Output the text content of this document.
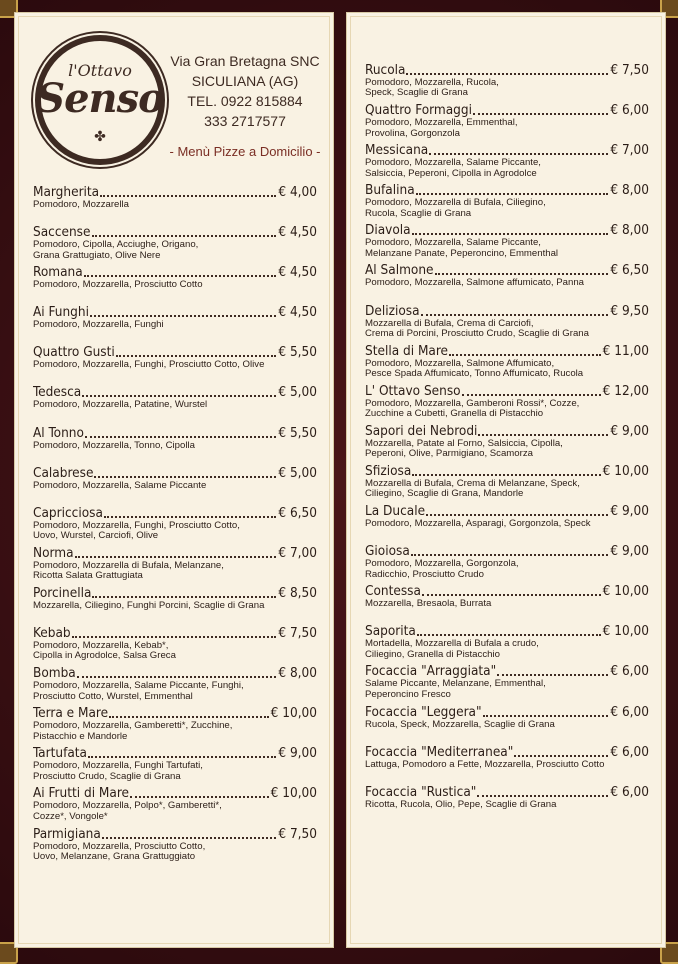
l'Ottavo
Senso
✤
Via Gran Bretagna SNC
SICULIANA (AG)
TEL. 0922 815884
333 2717577
- Menù Pizze a Domicilio -
Margherita	€ 4,00
Pomodoro, Mozzarella
Saccense	€ 4,50
Pomodoro, Cipolla, Acciughe, Origano,
Grana Grattugiato, Olive Nere
Romana	€ 4,50
Pomodoro, Mozzarella, Prosciutto Cotto
Ai Funghi	€ 4,50
Pomodoro, Mozzarella, Funghi
Quattro Gusti	€ 5,50
Pomodoro, Mozzarella, Funghi, Prosciutto Cotto, Olive
Tedesca	€ 5,00
Pomodoro, Mozzarella, Patatine, Wurstel
Al Tonno	€ 5,50
Pomodoro, Mozzarella, Tonno, Cipolla
Calabrese	€ 5,00
Pomodoro, Mozzarella, Salame Piccante
Capricciosa	€ 6,50
Pomodoro, Mozzarella, Funghi, Prosciutto Cotto,
Uovo, Wurstel, Carciofi, Olive
Norma	€ 7,00
Pomodoro, Mozzarella di Bufala, Melanzane,
Ricotta Salata Grattugiata
Porcinella	€ 8,50
Mozzarella, Ciliegino, Funghi Porcini, Scaglie di Grana
Kebab	€ 7,50
Pomodoro, Mozzarella, Kebab*,
Cipolla in Agrodolce, Salsa Greca
Bomba	€ 8,00
Pomodoro, Mozzarella, Salame Piccante, Funghi,
Prosciutto Cotto, Wurstel, Emmenthal
Terra e Mare	€ 10,00
Pomodoro, Mozzarella, Gamberetti*, Zucchine,
Pistacchio e Mandorle
Tartufata	€ 9,00
Pomodoro, Mozzarella, Funghi Tartufati,
Prosciutto Crudo, Scaglie di Grana
Ai Frutti di Mare	€ 10,00
Pomodoro, Mozzarella, Polpo*, Gamberetti*,
Cozze*, Vongole*
Parmigiana	€ 7,50
Pomodoro, Mozzarella, Prosciutto Cotto,
Uovo, Melanzane, Grana Grattuggiato
Rucola	€ 7,50
Pomodoro, Mozzarella, Rucola,
Speck, Scaglie di Grana
Quattro Formaggi	€ 6,00
Pomodoro, Mozzarella, Emmenthal,
Provolina, Gorgonzola
Messicana	€ 7,00
Pomodoro, Mozzarella, Salame Piccante,
Salsiccia, Peperoni, Cipolla in Agrodolce
Bufalina	€ 8,00
Pomodoro, Mozzarella di Bufala, Ciliegino,
Rucola, Scaglie di Grana
Diavola	€ 8,00
Pomodoro, Mozzarella, Salame Piccante,
Melanzane Panate, Peperoncino, Emmenthal
Al Salmone	€ 6,50
Pomodoro, Mozzarella, Salmone affumicato, Panna
Deliziosa	€ 9,50
Mozzarella di Bufala, Crema di Carciofi,
Crema di Porcini, Prosciutto Crudo, Scaglie di Grana
Stella di Mare	€ 11,00
Pomodoro, Mozzarella, Salmone Affumicato,
Pesce Spada Affumicato, Tonno Affumicato, Rucola
L' Ottavo Senso	€ 12,00
Pomodoro, Mozzarella, Gamberoni Rossi*, Cozze,
Zucchine a Cubetti, Granella di Pistacchio
Sapori dei Nebrodi	€ 9,00
Mozzarella, Patate al Forno, Salsiccia, Cipolla,
Peperoni, Olive, Parmigiano, Scamorza
Sfiziosa	€ 10,00
Mozzarella di Bufala, Crema di Melanzane, Speck,
Ciliegino, Scaglie di Grana, Mandorle
La Ducale	€ 9,00
Pomodoro, Mozzarella, Asparagi, Gorgonzola, Speck
Gioiosa	€ 9,00
Pomodoro, Mozzarella, Gorgonzola,
Radicchio, Prosciutto Crudo
Contessa	€ 10,00
Mozzarella, Bresaola, Burrata
Saporita	€ 10,00
Mortadella, Mozzarella di Bufala a crudo,
Ciliegino, Granella di Pistacchio
Focaccia "Arraggiata"	€ 6,00
Salame Piccante, Melanzane, Emmenthal,
Peperoncino Fresco
Focaccia "Leggera"	€ 6,00
Rucola, Speck, Mozzarella, Scaglie di Grana
Focaccia "Mediterranea"	€ 6,00
Lattuga, Pomodoro a Fette, Mozzarella, Prosciutto Cotto
Focaccia "Rustica"	€ 6,00
Ricotta, Rucola, Olio, Pepe, Scaglie di Grana
